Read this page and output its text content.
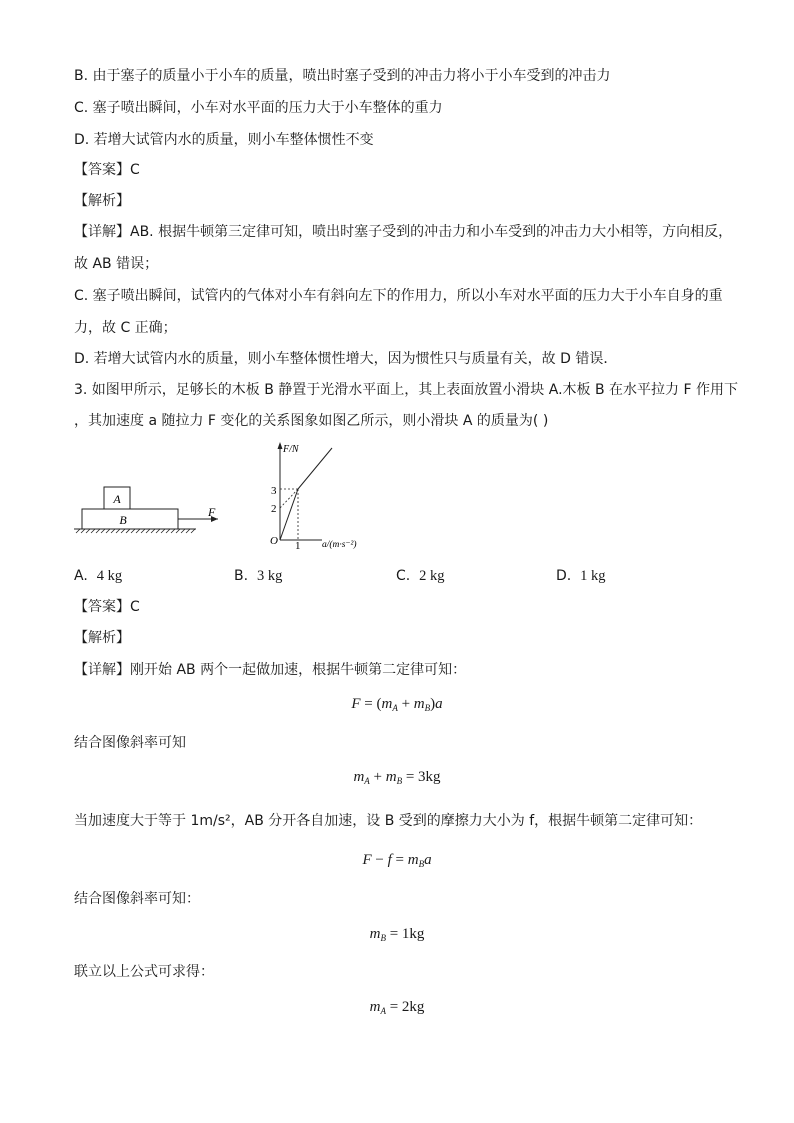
B. 由于塞子的质量小于小车的质量，喷出时塞子受到的冲击力将小于小车受到的冲击力
C. 塞子喷出瞬间，小车对水平面的压力大于小车整体的重力
D. 若增大试管内水的质量，则小车整体惯性不变
【答案】C
【解析】
【详解】AB. 根据牛顿第三定律可知，喷出时塞子受到的冲击力和小车受到的冲击力大小相等，方向相反，
故 AB 错误；
C. 塞子喷出瞬间，试管内的气体对小车有斜向左下的作用力，所以小车对水平面的压力大于小车自身的重
力，故 C 正确；
D. 若增大试管内水的质量，则小车整体惯性增大，因为惯性只与质量有关，故 D 错误．
3. 如图甲所示，足够长的木板 B 静置于光滑水平面上，其上表面放置小滑块 A.木板 B 在水平拉力 F 作用下
，其加速度 a 随拉力 F 变化的关系图象如图乙所示，则小滑块 A 的质量为( )
A
B
F
F/N
a/(m·s⁻²)
O
3
2
1
A. 4 kg	B. 3 kg	C. 2 kg	D. 1 kg
【答案】C
【解析】
【详解】刚开始 AB 两个一起做加速，根据牛顿第二定律可知：
$F = (m_A + m_B)a$
结合图像斜率可知
$m_A + m_B = 3kg$
当加速度大于等于 1m/s²，AB 分开各自加速，设 B 受到的摩擦力大小为 f，根据牛顿第二定律可知：
$F - f = m_Ba$
结合图像斜率可知：
$m_B = 1kg$
联立以上公式可求得：
$m_A = 2kg$
